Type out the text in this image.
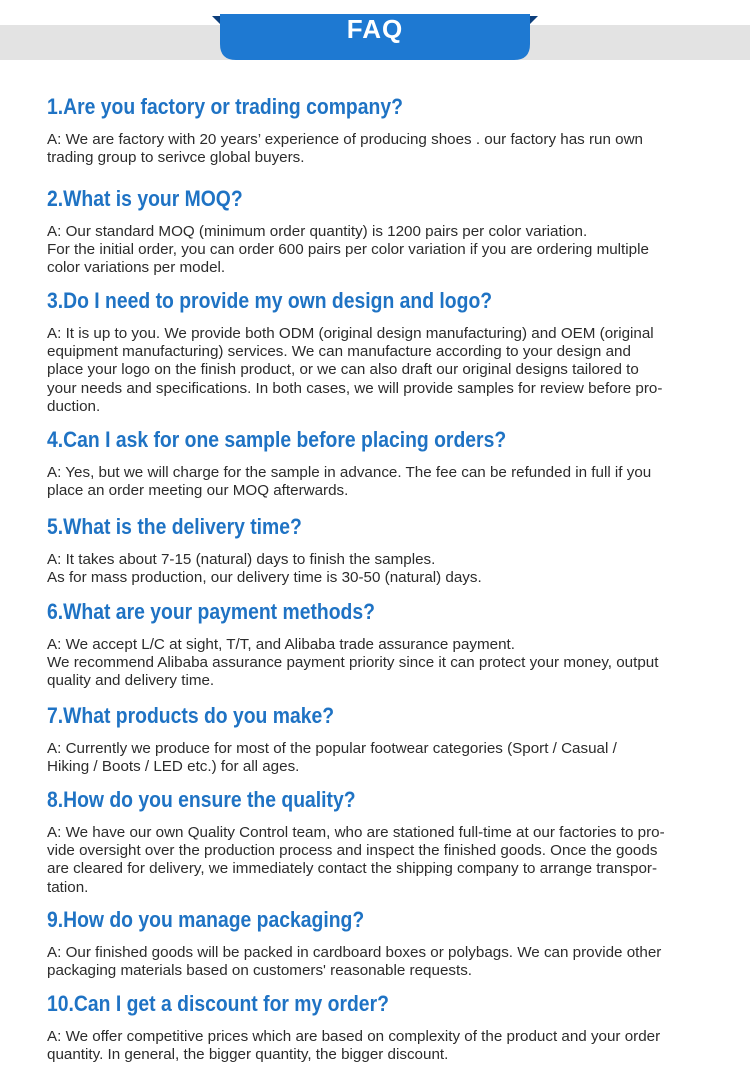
FAQ
1.Are you factory or trading company?
A: We are factory with 20 years’ experience of producing shoes . our factory has run own
trading group to serivce global buyers.
2.What is your MOQ?
A: Our standard MOQ (minimum order quantity) is 1200 pairs per color variation.
For the initial order, you can order 600 pairs per color variation if you are ordering multiple
color variations per model.
3.Do I need to provide my own design and logo?
A: It is up to you. We provide both ODM (original design manufacturing) and OEM (original
equipment manufacturing) services. We can manufacture according to your design and
place your logo on the finish product, or we can also draft our original designs tailored to
your needs and specifications. In both cases, we will provide samples for review before pro-
duction.
4.Can I ask for one sample before placing orders?
A: Yes, but we will charge for the sample in advance. The fee can be refunded in full if you
place an order meeting our MOQ afterwards.
5.What is the delivery time?
A: It takes about 7-15 (natural) days to finish the samples.
As for mass production, our delivery time is 30-50 (natural) days.
6.What are your payment methods?
A: We accept L/C at sight, T/T, and Alibaba trade assurance payment.
We recommend Alibaba assurance payment priority since it can protect your money, output
quality and delivery time.
7.What products do you make?
A: Currently we produce for most of the popular footwear categories (Sport / Casual /
Hiking / Boots / LED etc.) for all ages.
8.How do you ensure the quality?
A: We have our own Quality Control team, who are stationed full-time at our factories to pro-
vide oversight over the production process and inspect the finished goods. Once the goods
are cleared for delivery, we immediately contact the shipping company to arrange transpor-
tation.
9.How do you manage packaging?
A: Our finished goods will be packed in cardboard boxes or polybags. We can provide other
packaging materials based on customers' reasonable requests.
10.Can I get a discount for my order?
A: We offer competitive prices which are based on complexity of the product and your order
quantity. In general, the bigger quantity, the bigger discount.
